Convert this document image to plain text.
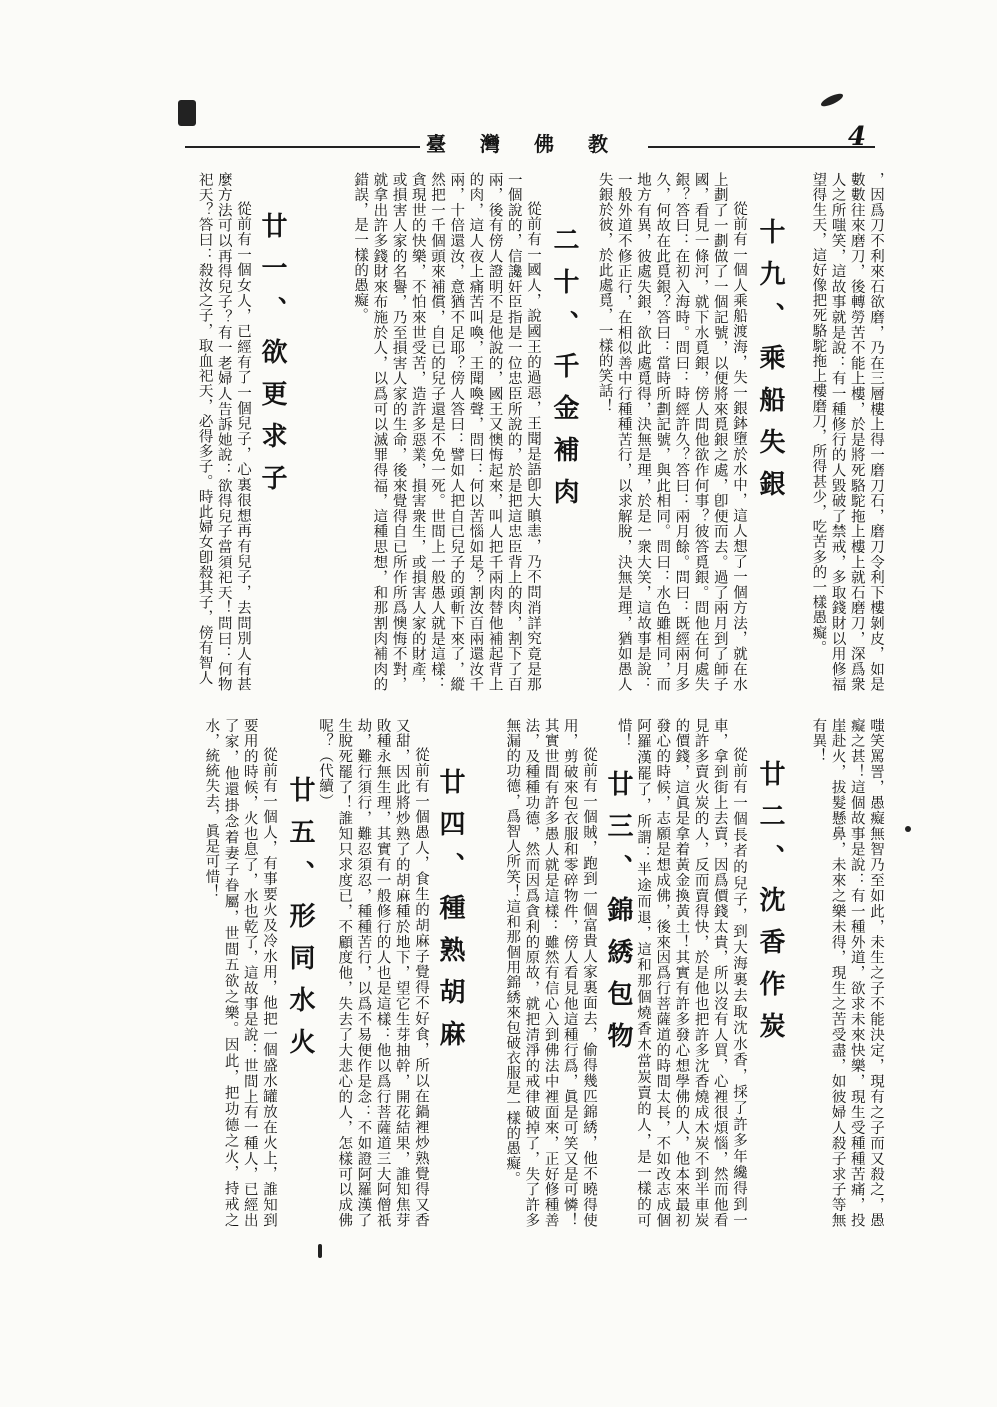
臺灣佛教	4

，因爲刀不利來石欲磨，乃在三層樓上得一磨刀石，磨刀令利下樓剝皮，如是數數往來磨刀，後轉勞苦不能上樓，於是將死駱駝拖上樓上就石磨刀，深爲衆人之所嗤笑，這故事就是說：有一種修行的人毀破了禁戒，多取錢財以用修福望得生天，這好像把死駱駝拖上樓磨刀，所得甚少，吃苦多的一樣愚癡。

十九、乘船失銀

從前有一個人乘船渡海，失一銀鉢墮於水中，這人想了一個方法，就在水上劃了一劃做了一個記號，以便將來覓銀之處，卽便而去。過了兩月到了師子國，看見一條河，就下水覓銀，傍人問他欲作何事？彼答覓銀。問他在何處失銀？答曰：在初入海時。問曰：時經許久？答曰：兩月餘。問曰：既經兩月多久，何故在此覓銀？答曰：當時所劃記號，與此相同。問曰：水色雖相同，而地方有異，彼處失銀，欲此處覓得，決無是理，於是一衆大笑，這故事是說：一般外道不修正行，在相似善中行種種苦行，以求解脫，決無是理，猶如愚人失銀於彼，於此處覓，一樣的笑話！

二十、千金補肉

從前有一國人，說國王的過惡，王聞是語卽大瞋恚，乃不問消詳究竟是那一個說的，信讒奸臣指是一位忠臣所說的，於是把這忠臣背上的肉，割下了百兩，後有傍人證明不是他說的，國王又懊悔起來，叫人把千兩肉替他補起背上的肉，這人夜上痛苦叫喚，王聞喚聲，問曰：何以苦惱如是？割汝百兩還汝千兩，十倍還汝，意猶不足耶？傍人答曰：譬如人把自已兒子的頭斬下來了，縱然把一千個頭來補償，自已的兒子還是不免一死。世間上一般愚人就是這樣：貪現世的快樂，不怕來世受苦，造許多惡業，損害衆生，或損害人家的財產，或損害人家的名譽，乃至損害人家的生命，後來覺得自已所作所爲懊悔不對，就拿出許多錢財來布施於人，以爲可以滅罪得福，這種思想，和那割肉補肉的錯誤，是一樣的愚癡。

廿一、欲更求子

從前有一個女人，已經有了一個兒子，心裏很想再有兒子，去問別人有甚麼方法可以再得兒子？有一老婦人告訴她說：欲得兒子當須祀天！問曰：何物祀天？答曰：殺汝之子，取血祀天，必得多子。時此婦女卽殺其子，傍有智人

嗤笑罵詈，愚癡無智乃至如此，未生之子不能決定，現有之子而又殺之，愚癡之甚！這個故事是說：有一種外道，欲求未來快樂，現生受種種苦痛，投崖赴火，拔髮懸鼻，未來之樂未得，現生之苦受盡，如彼婦人殺子求子等無有異！

廿二、沈香作炭

從前有一個長者的兒子，到大海裏去取沈水香，採了許多年纔得到一車，拿到街上去賣，因爲價錢太貴，所以沒有人買，心裡很煩惱，然而他看見許多賣火炭的人，反而賣得快，於是他也把許多沈香燒成木炭不到半車炭的價錢，這眞是拿着黃金換黃土！其實有許多發心想學佛的人，他本來最初發心的時候，志願是想成佛，後來因爲行菩薩道的時間太長，不如改志成個阿羅漢罷了，所謂：半途而退，這和那個燒香木當炭賣的人，是一樣的可惜！

廿三、錦綉包物

從前有一個賊，跑到一個富貴人家裏面去，偷得幾匹錦綉，他不曉得使用，剪破來包衣服和零碎物件，傍人看見他這種行爲，眞是可笑又是可憐！其實世間有許多愚人就是這樣：雖然有信心入到佛法中裡面來，正好修種善法，及種種功德，然而因爲貪利的原故，就把清淨的戒律破掉了，失了許多無漏的功德，爲智人所笑！這和那個用錦綉來包破衣服是一樣的愚癡。

廿四、種熟胡麻

從前有一個愚人，食生的胡麻子覺得不好食，所以在鍋裡炒熟覺得又香又甜，因此將炒熟了的胡麻種於地下，望它生芽抽幹，開花結果，誰知焦芽敗種永無生理，其實有一般修行的人也是這樣：他以爲行菩薩道三大阿僧祇劫，難行須行，難忍須忍，種種苦行，以爲不易便作是念：不如證阿羅漢了生脫死罷了！誰知只求度已，不顧度他，失去了大悲心的人，怎樣可以成佛呢？（代續）

廿五、形同水火

從前有一個人，有事要火及冷水用，他把一個盛水罐放在火上，誰知到要用的時候，火也息了，水也乾了，這故事是說：世間上有一種人，已經出了家，他還掛念着妻子眷屬，世間五欲之樂。因此，把功德之火，持戒之水，統統失去，眞是可惜！
